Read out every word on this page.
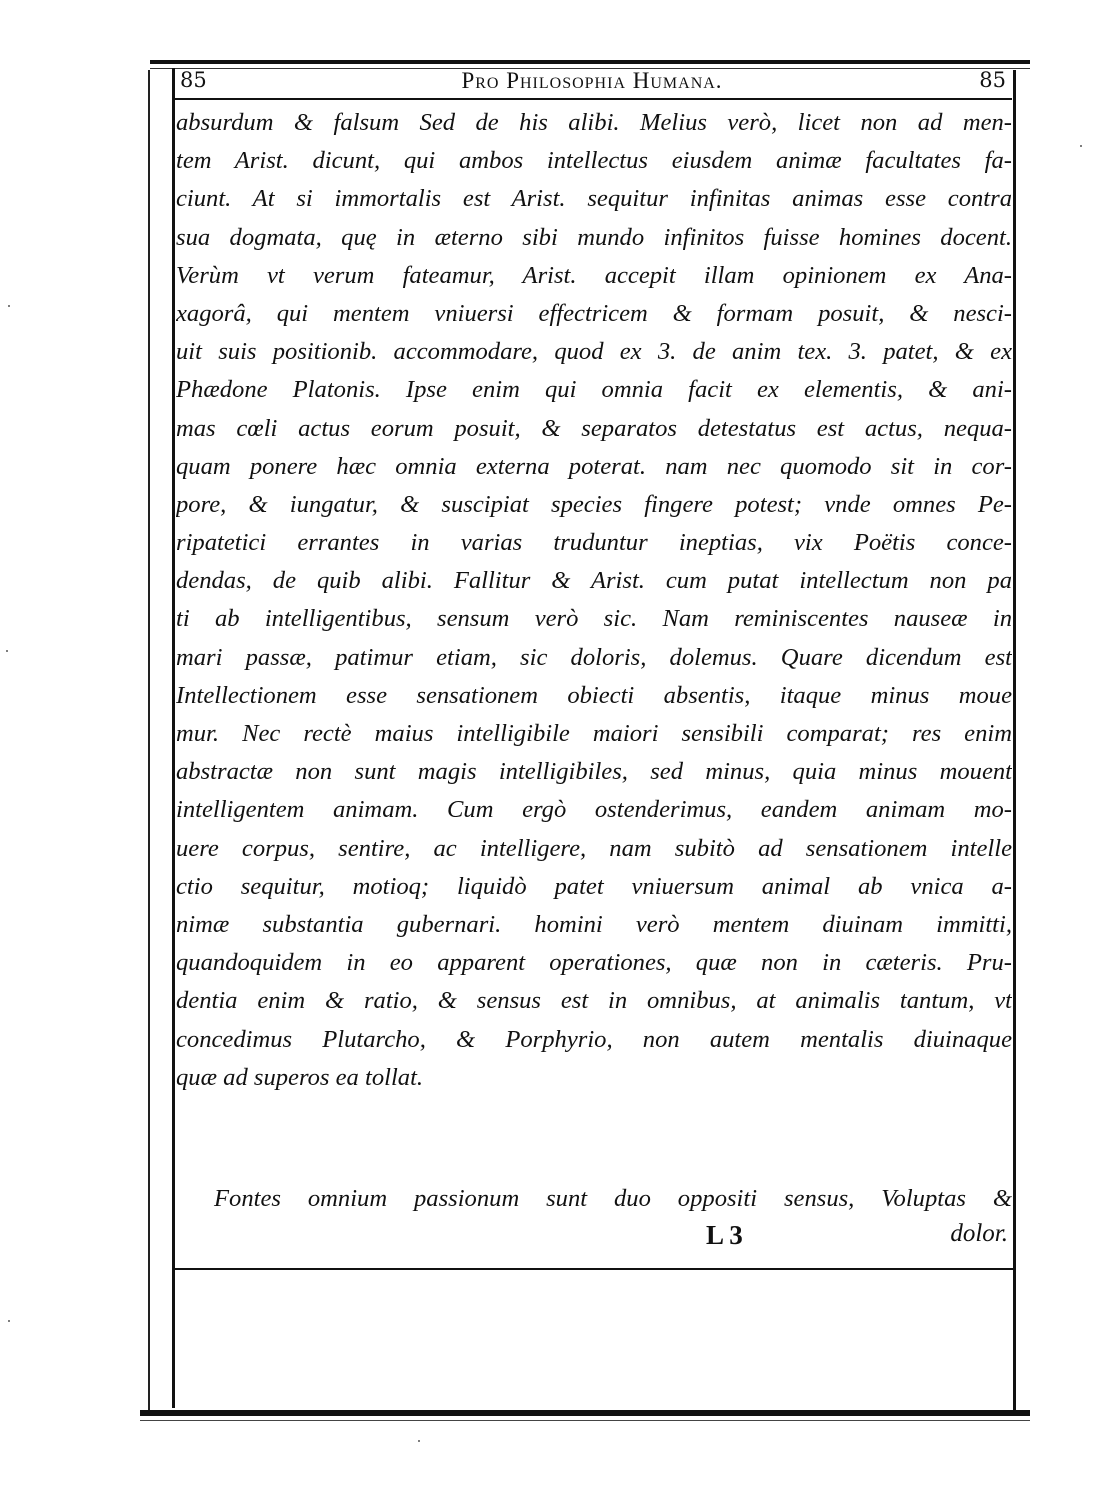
85	Pro Philosophia Humana.	85
absurdum & falsum Sed de his alibi. Melius verò, licet non ad men-
tem Arist. dicunt, qui ambos intellectus eiusdem animæ facultates fa-
ciunt. At si immortalis est Arist. sequitur infinitas animas esse contra
sua dogmata, quę in æterno sibi mundo infinitos fuisse homines docent.
Verùm vt verum fateamur, Arist. accepit illam opinionem ex Ana-
xagorâ, qui mentem vniuersi effectricem & formam posuit, & nesci-
uit suis positionib. accommodare, quod ex 3. de anim tex. 3. patet, & ex
Phædone Platonis. Ipse enim qui omnia facit ex elementis, & ani-
mas cœli actus eorum posuit, & separatos detestatus est actus, nequa-
quam ponere hæc omnia externa poterat. nam nec quomodo sit in cor-
pore, & iungatur, & suscipiat species fingere potest; vnde omnes Pe-
ripatetici errantes in varias truduntur ineptias, vix Poëtis conce-
dendas, de quib alibi. Fallitur & Arist. cum putat intellectum non pa
ti ab intelligentibus, sensum verò sic. Nam reminiscentes nauseæ in
mari passæ, patimur etiam, sic doloris, dolemus. Quare dicendum est
Intellectionem esse sensationem obiecti absentis, itaque minus moue
mur. Nec rectè maius intelligibile maiori sensibili comparat; res enim
abstractæ non sunt magis intelligibiles, sed minus, quia minus mouent
intelligentem animam. Cum ergò ostenderimus, eandem animam mo-
uere corpus, sentire, ac intelligere, nam subitò ad sensationem intelle
ctio sequitur, motioq; liquidò patet vniuersum animal ab vnica a-
nimæ substantia gubernari. homini verò mentem diuinam immitti,
quandoquidem in eo apparent operationes, quæ non in cæteris. Pru-
dentia enim & ratio, & sensus est in omnibus, at animalis tantum, vt
concedimus Plutarcho, & Porphyrio, non autem mentalis diuinaque
quæ ad superos ea tollat.
Fontes omnium passionum sunt duo oppositi sensus, Voluptas &
L 3	dolor.
